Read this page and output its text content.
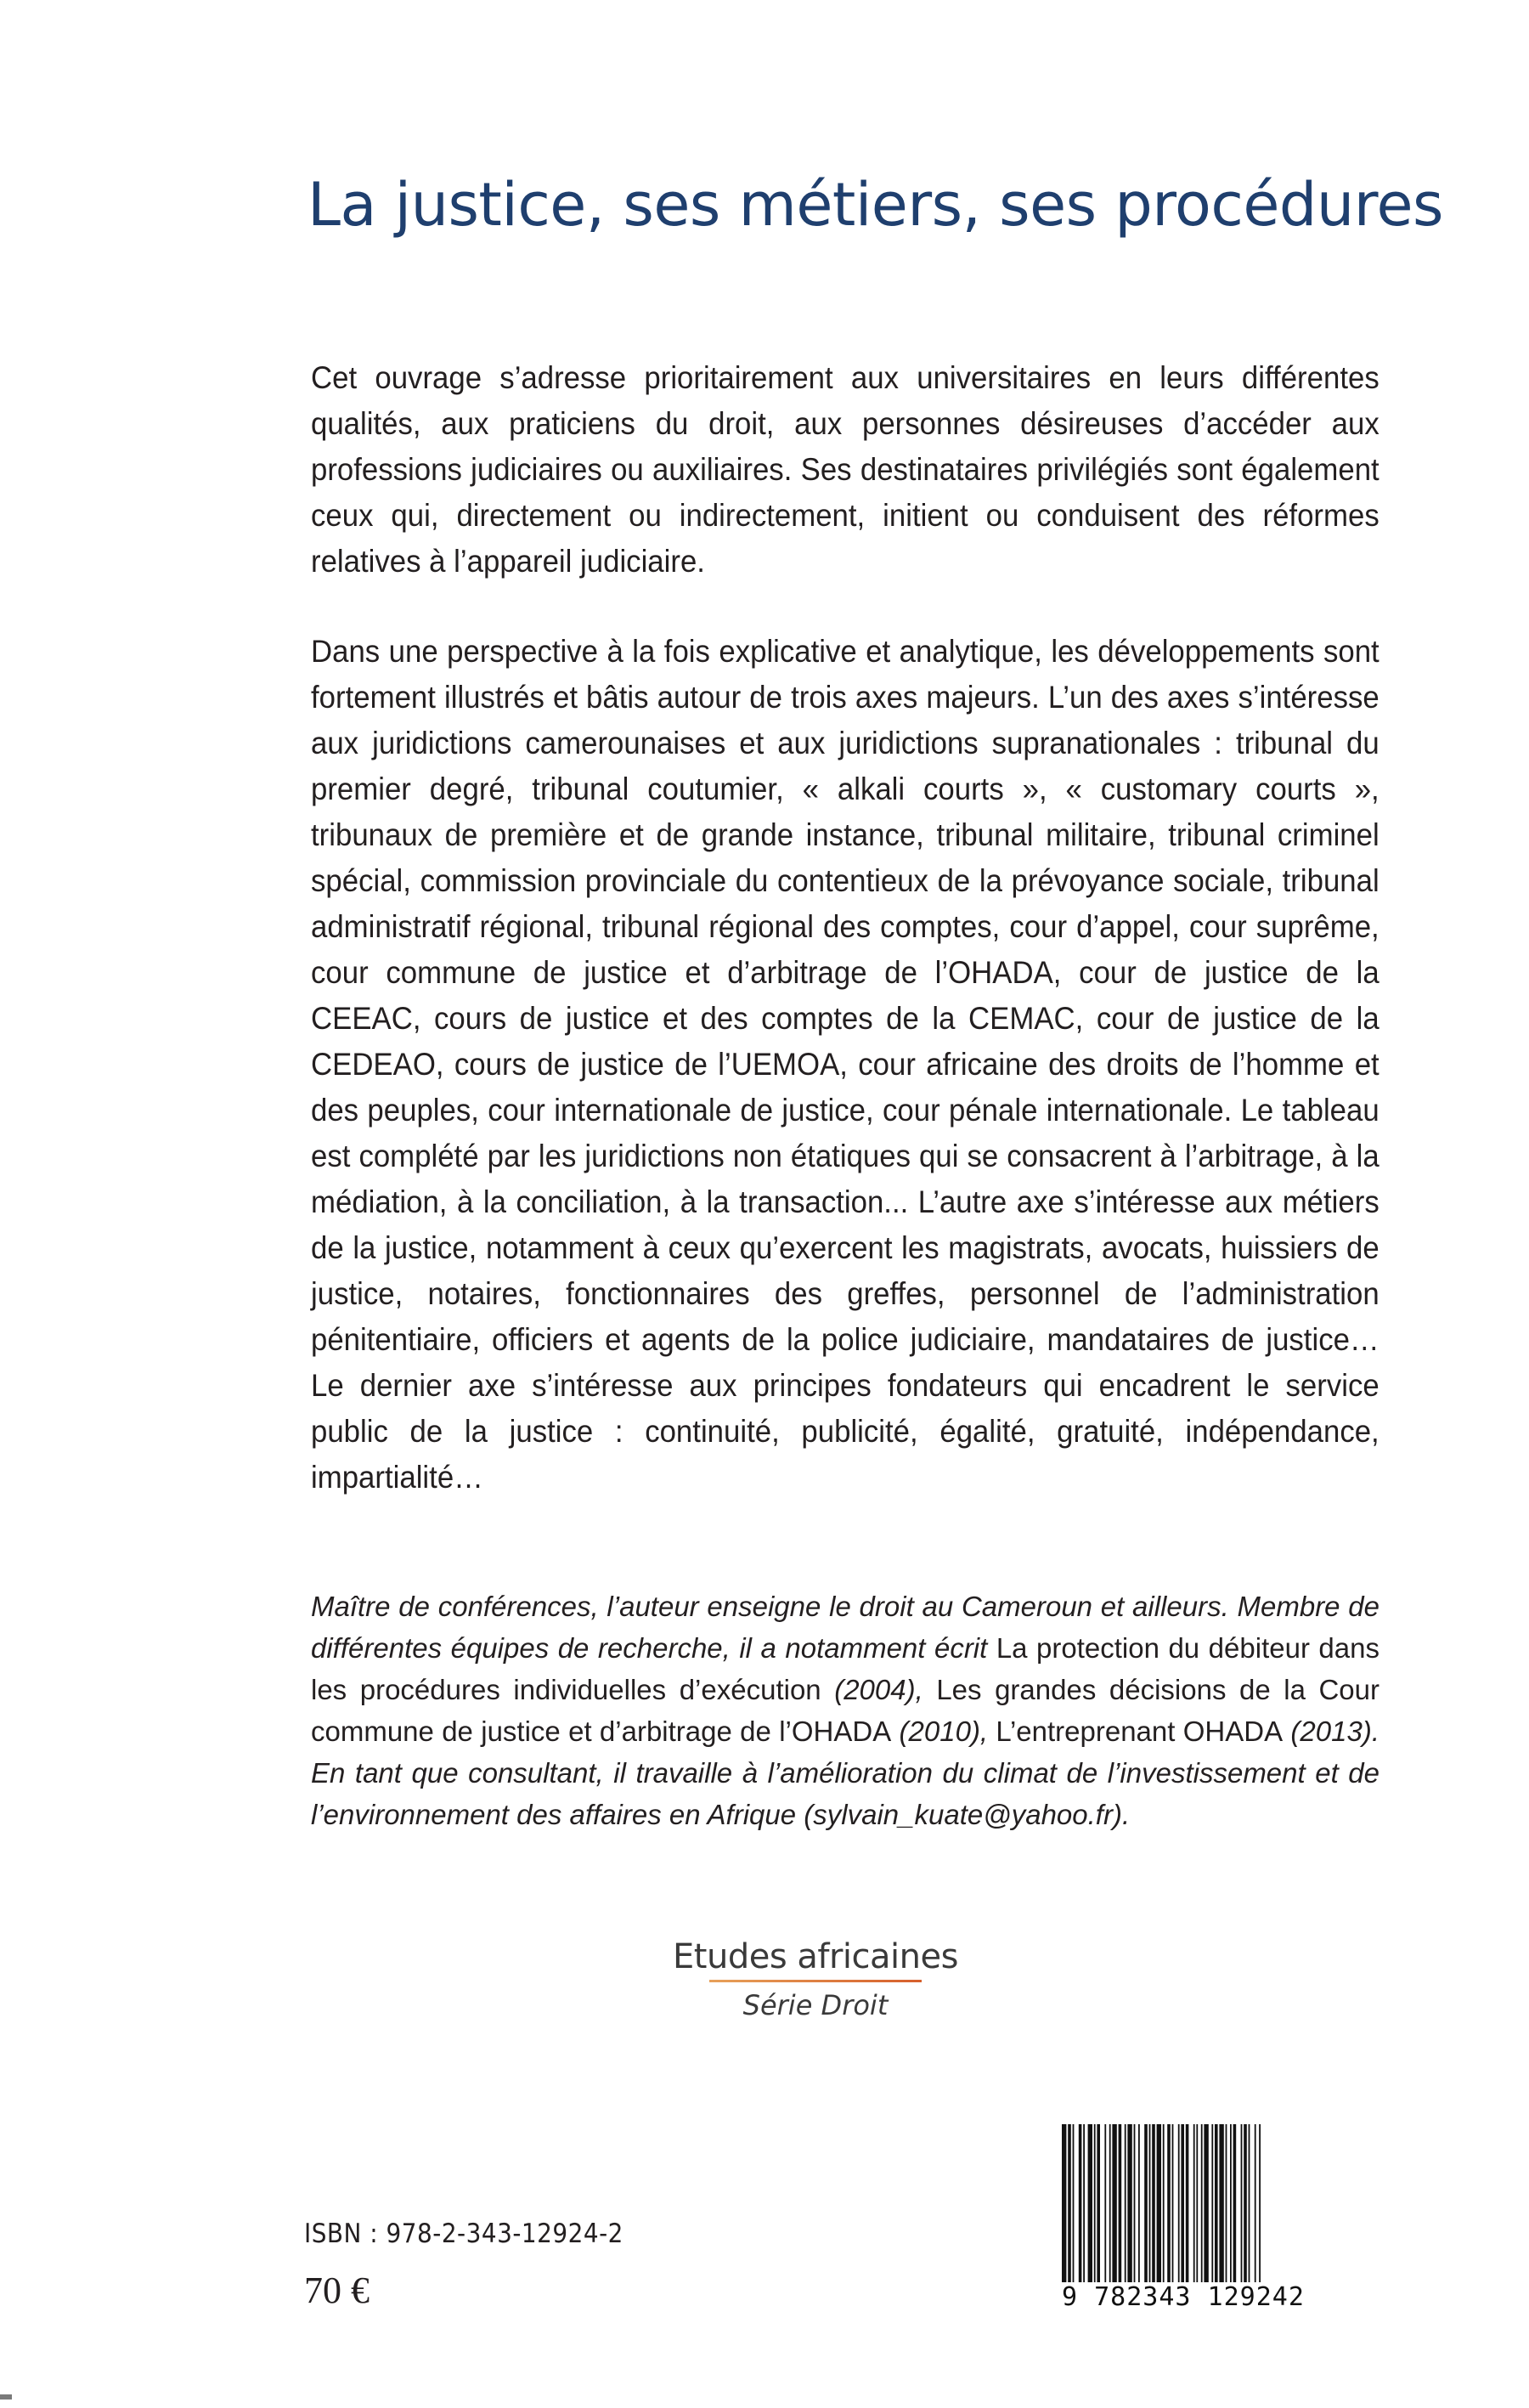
La justice, ses métiers, ses procédures

Cet ouvrage s’adresse prioritairement aux universitaires en leurs différentes qualités, aux praticiens du droit, aux personnes désireuses d’accéder aux professions judiciaires ou auxiliaires. Ses destinataires privilégiés sont également ceux qui, directement ou indirectement, initient ou conduisent des réformes relatives à l’appareil judiciaire.

Dans une perspective à la fois explicative et analytique, les développements sont fortement illustrés et bâtis autour de trois axes majeurs. L’un des axes s’intéresse aux juridictions camerounaises et aux juridictions supranationales : tribunal du premier degré, tribunal coutumier, « alkali courts », « customary courts », tribunaux de première et de grande instance, tribunal militaire, tribunal criminel spécial, commission provinciale du contentieux de la prévoyance sociale, tribunal administratif régional, tribunal régional des comptes, cour d’appel, cour suprême, cour commune de justice et d’arbitrage de l’OHADA, cour de justice de la CEEAC, cours de justice et des comptes de la CEMAC, cour de justice de la CEDEAO, cours de justice de l’UEMOA, cour africaine des droits de l’homme et des peuples, cour internationale de justice, cour pénale internationale. Le tableau est complété par les juridictions non étatiques qui se consacrent à l’arbitrage, à la médiation, à la conciliation, à la transaction... L’autre axe s’intéresse aux métiers de la justice, notamment à ceux qu’exercent les magistrats, avocats, huissiers de justice, notaires, fonctionnaires des greffes, personnel de l’administration pénitentiaire, officiers et agents de la police judiciaire, mandataires de justice… Le dernier axe s’intéresse aux principes fondateurs qui encadrent le service public de la justice : continuité, publicité, égalité, gratuité, indépendance, impartialité…

Maître de conférences, l’auteur enseigne le droit au Cameroun et ailleurs. Membre de différentes équipes de recherche, il a notamment écrit La protection du débiteur dans les procédures individuelles d’exécution (2004), Les grandes décisions de la Cour commune de justice et d’arbitrage de l’OHADA (2010), L’entreprenant OHADA (2013). En tant que consultant, il travaille à l’amélioration du climat de l’investissement et de l’environnement des affaires en Afrique (sylvain_kuate@yahoo.fr).

Etudes africaines
Série Droit
ISBN : 978-2-343-12924-2
70 €	9 782343 129242
